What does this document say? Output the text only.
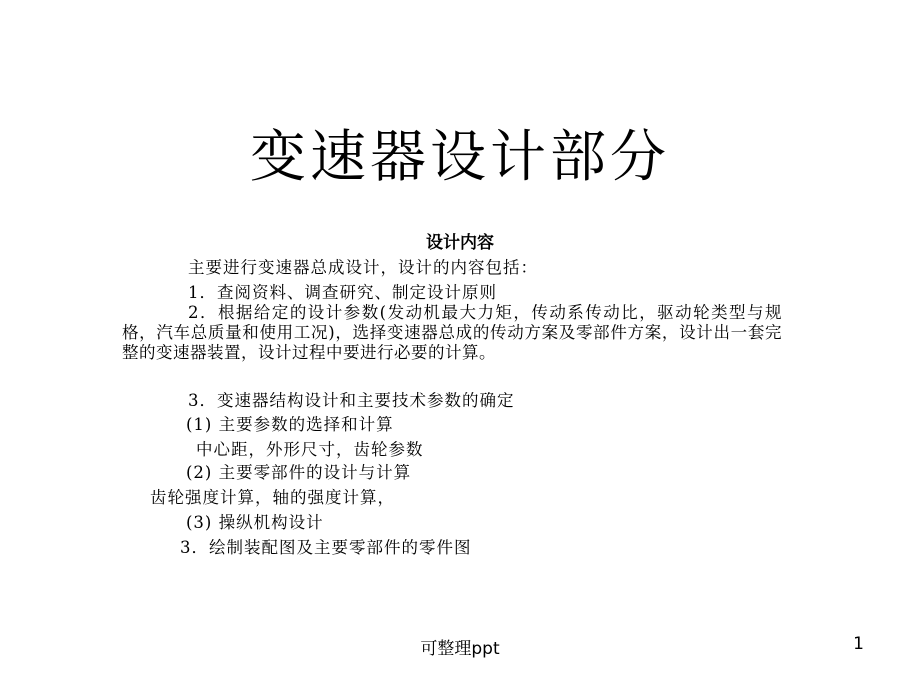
变速器设计部分
设计内容
主要进行变速器总成设计，设计的内容包括：
1．查阅资料、调查研究、制定设计原则
2．根据给定的设计参数(发动机最大力矩，传动系传动比，驱动轮类型与规格，汽车总质量和使用工况)，选择变速器总成的传动方案及零部件方案，设计出一套完整的变速器装置，设计过程中要进行必要的计算。
3．变速器结构设计和主要技术参数的确定
(1) 主要参数的选择和计算
中心距，外形尺寸，齿轮参数
(2) 主要零部件的设计与计算
齿轮强度计算，轴的强度计算，
(3) 操纵机构设计
3．绘制装配图及主要零部件的零件图
可整理ppt	1
